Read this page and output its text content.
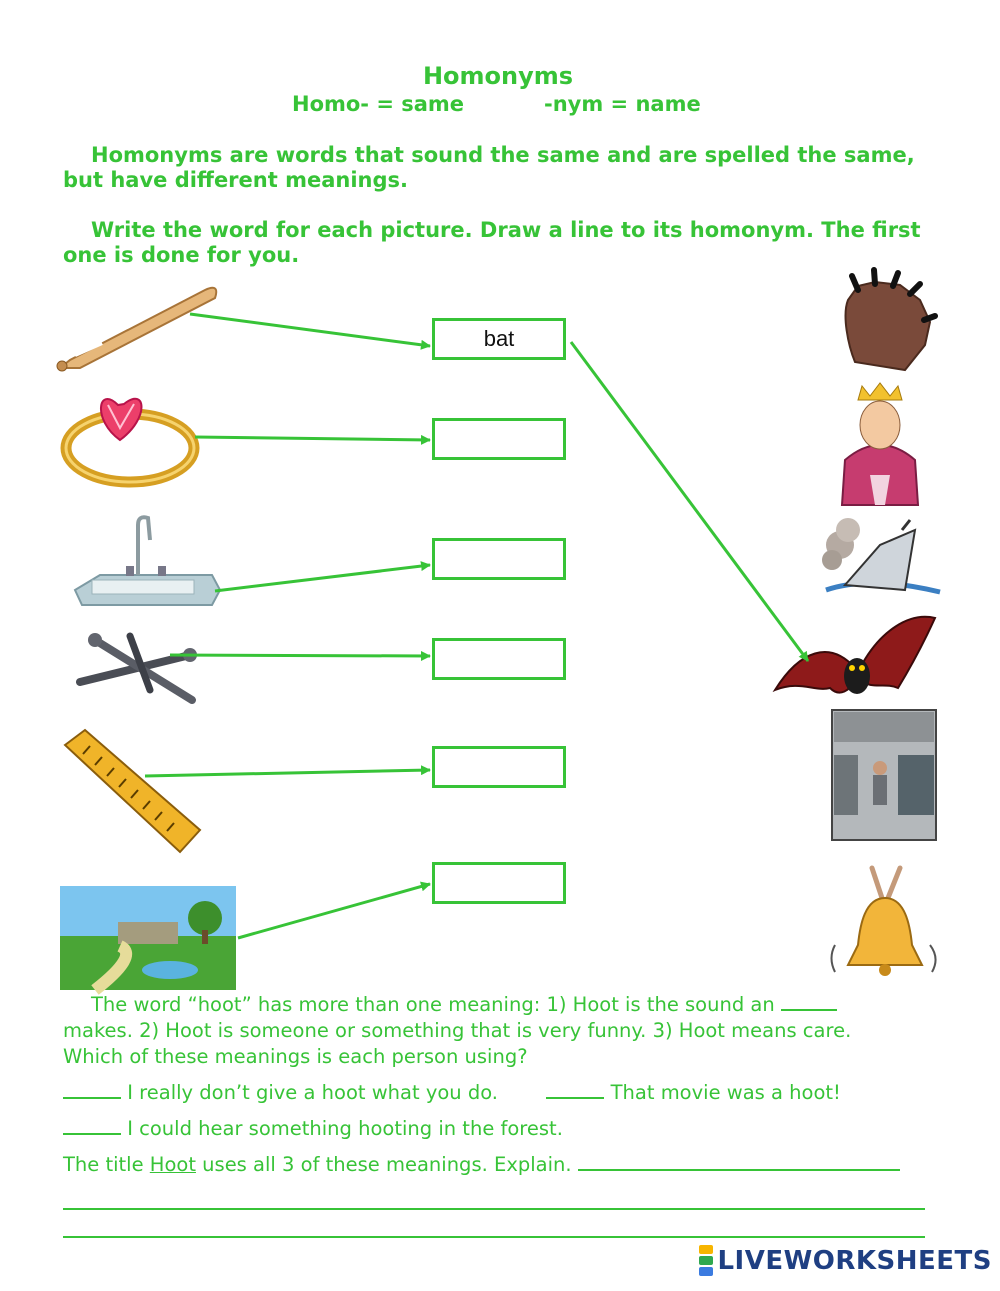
Homonyms
Homo- = same	-nym = name
Homonyms are words that sound the same and are spelled the same, but have different meanings.
Write the word for each picture. Draw a line to its homonym. The first one is done for you.
bat
The word “hoot” has more than one meaning: 1) Hoot is the sound an
makes. 2) Hoot is someone or something that is very funny. 3) Hoot means care.
Which of these meanings is each person using?
I really don’t give a hoot what you do.	That movie was a hoot!
I could hear something hooting in the forest.
The title Hoot uses all 3 of these meanings. Explain.
LIVEWORKSHEETS
